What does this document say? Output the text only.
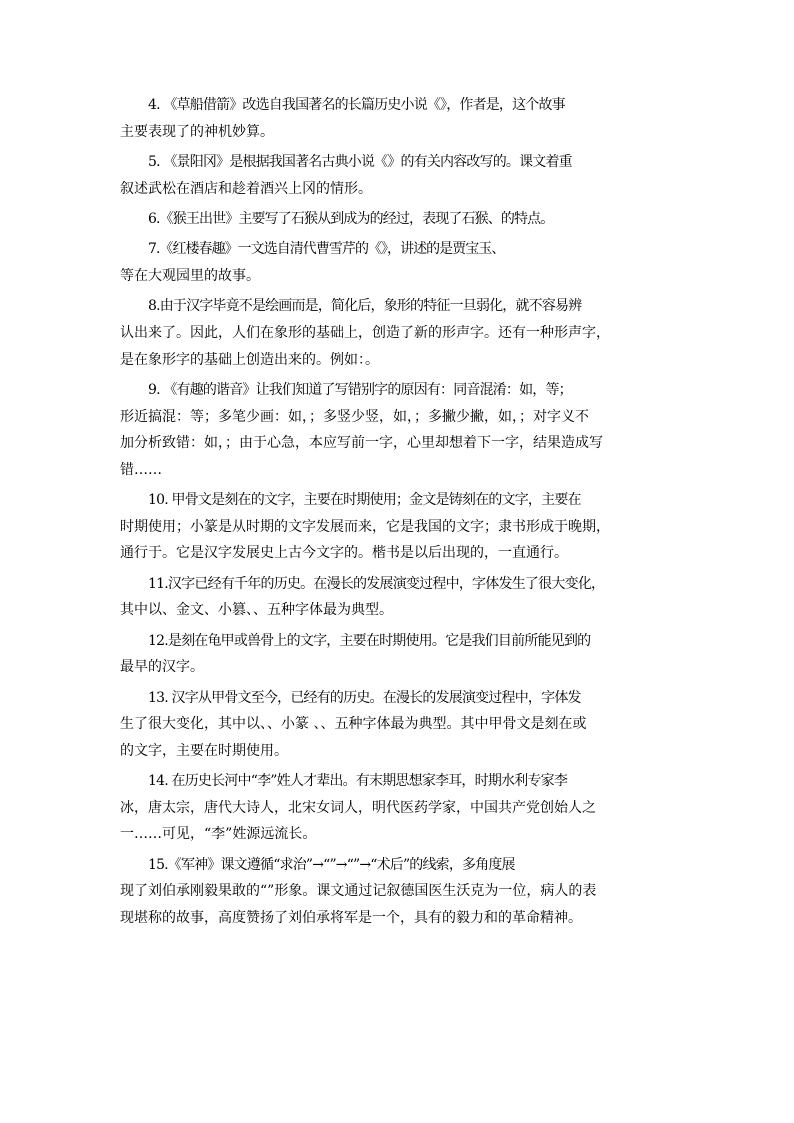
4. 《草船借箭》改选自我国著名的长篇历史小说《》，作者是，这个故事
主要表现了的神机妙算。
5. 《景阳冈》是根据我国著名古典小说《》的有关内容改写的。课文着重
叙述武松在酒店和趁着酒兴上冈的情形。
6.《猴王出世》主要写了石猴从到成为的经过，表现了石猴、的特点。
7.《红楼春趣》一文选自清代曹雪芹的《》，讲述的是贾宝玉、
等在大观园里的故事。
8.由于汉字毕竟不是绘画而是，简化后，象形的特征一旦弱化，就不容易辨
认出来了。因此，人们在象形的基础上，创造了新的形声字。还有一种形声字，
是在象形字的基础上创造出来的。例如：。
9. 《有趣的谐音》让我们知道了写错别字的原因有：同音混淆：如，等；
形近搞混：等；多笔少画：如，；多竖少竖，如，；多撇少撇，如，；对字义不
加分析致错：如，；由于心急，本应写前一字，心里却想着下一字，结果造成写
错……
10. 甲骨文是刻在的文字，主要在时期使用；金文是铸刻在的文字，主要在
时期使用；小篆是从时期的文字发展而来，它是我国的文字；隶书形成于晚期，
通行于。它是汉字发展史上古今文字的。楷书是以后出现的，一直通行。
11.汉字已经有千年的历史。在漫长的发展演变过程中，字体发生了很大变化，
其中以、金文、小篡、、五种字体最为典型。
12.是刻在龟甲或兽骨上的文字，主要在时期使用。它是我们目前所能见到的
最早的汉字。
13. 汉字从甲骨文至今，已经有的历史。在漫长的发展演变过程中，字体发
生了很大变化，其中以、、小篆 、、五种字体最为典型。其中甲骨文是刻在或
的文字，主要在时期使用。
14. 在历史长河中“李”姓人才辈出。有末期思想家李耳，时期水利专家李
冰，唐太宗，唐代大诗人，北宋女词人，明代医药学家，中国共产党创始人之
一……可见，“李”姓源远流长。
15.《军神》课文遵循“求治”→“”→“”→“术后”的线索，多角度展
现了刘伯承刚毅果敢的“”形象。课文通过记叙德国医生沃克为一位，病人的表
现堪称的故事，高度赞扬了刘伯承将军是一个，具有的毅力和的革命精神。
